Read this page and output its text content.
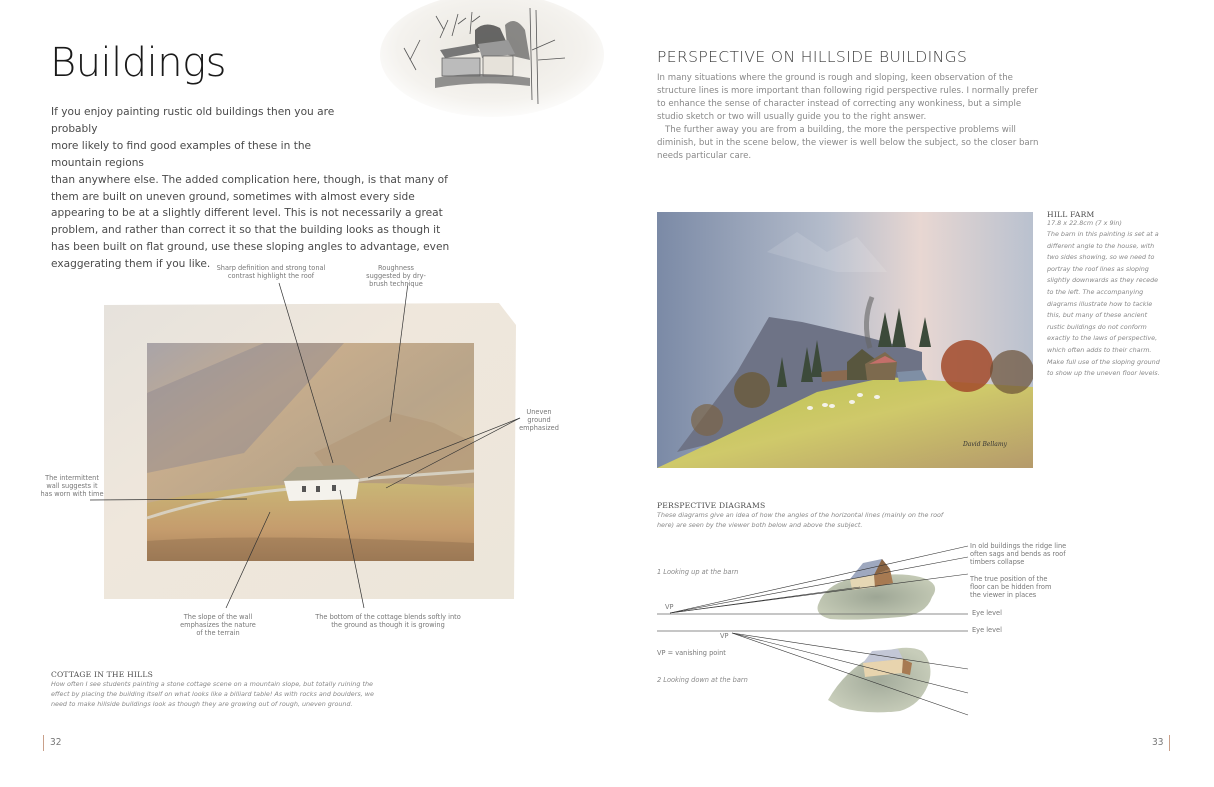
Buildings
If you enjoy painting rustic old buildings then you are probably
more likely to find good examples of these in the mountain regions
than anywhere else. The added complication here, though, is that many of them are built on uneven ground, sometimes with almost every side appearing to be at a slightly different level. This is not necessarily a great problem, and rather than correct it so that the building looks as though it has been built on flat ground, use these sloping angles to advantage, even exaggerating them if you like. Sharp definition and strong tonal contrast highlight the roof
Roughness suggested by dry-brush technique
Uneven ground emphasized
The intermittent wall suggests it has worn with time
The slope of the wall emphasizes the nature of the terrain
The bottom of the cottage blends softly into the ground as though it is growing
COTTAGE IN THE HILLS
How often I see students painting a stone cottage scene on a mountain slope, but totally ruining the effect by placing the building itself on what looks like a billiard table! As with rocks and boulders, we need to make hillside buildings look as though they are growing out of rough, uneven ground.
32
PERSPECTIVE ON HILLSIDE BUILDINGS

In many situations where the ground is rough and sloping, keen observation of the structure lines is more important than following rigid perspective rules. I normally prefer to enhance the sense of character instead of correcting any wonkiness, but a simple studio sketch or two will usually guide you to the right answer.

The further away you are from a building, the more the perspective problems will diminish, but in the scene below, the viewer is well below the subject, so the closer barn needs particular care.

David Bellamy
HILL FARM
17.8 x 22.8cm (7 x 9in)
The barn in this painting is set at a different angle to the house, with two sides showing, so we need to portray the roof lines as sloping slightly downwards as they recede to the left. The accompanying diagrams illustrate how to tackle this, but many of these ancient rustic buildings do not conform exactly to the laws of perspective, which often adds to their charm. Make full use of the sloping ground to show up the uneven floor levels.
PERSPECTIVE DIAGRAMS
These diagrams give an idea of how the angles of the horizontal lines (mainly on the roof here) are seen by the viewer both below and above the subject.
1 Looking up at the barn
VP
VP
VP = vanishing point
2 Looking down at the barn
Eye level
Eye level
In old buildings the ridge line often sags and bends as roof timbers collapse
The true position of the floor can be hidden from the viewer in places
33
